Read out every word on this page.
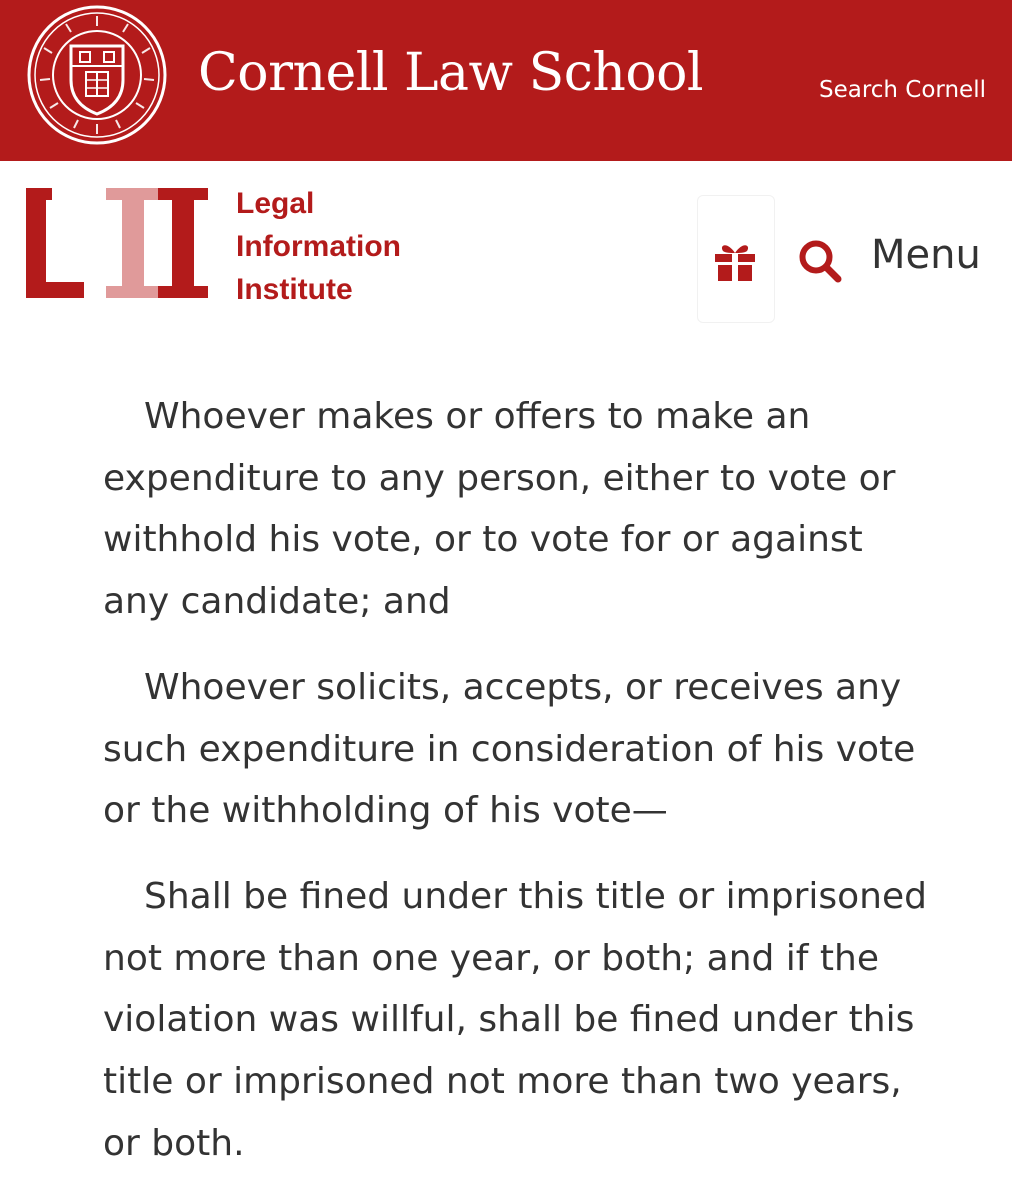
Cornell Law School	Search Cornell
Legal
Information
Institute
Menu

Whoever makes or offers to make an expenditure to any person, either to vote or withhold his vote, or to vote for or against any candidate; and

Whoever solicits, accepts, or receives any such expenditure in consideration of his vote or the withholding of his vote—

Shall be fined under this title or imprisoned not more than one year, or both; and if the violation was willful, shall be fined under this title or imprisoned not more than two years, or both.
